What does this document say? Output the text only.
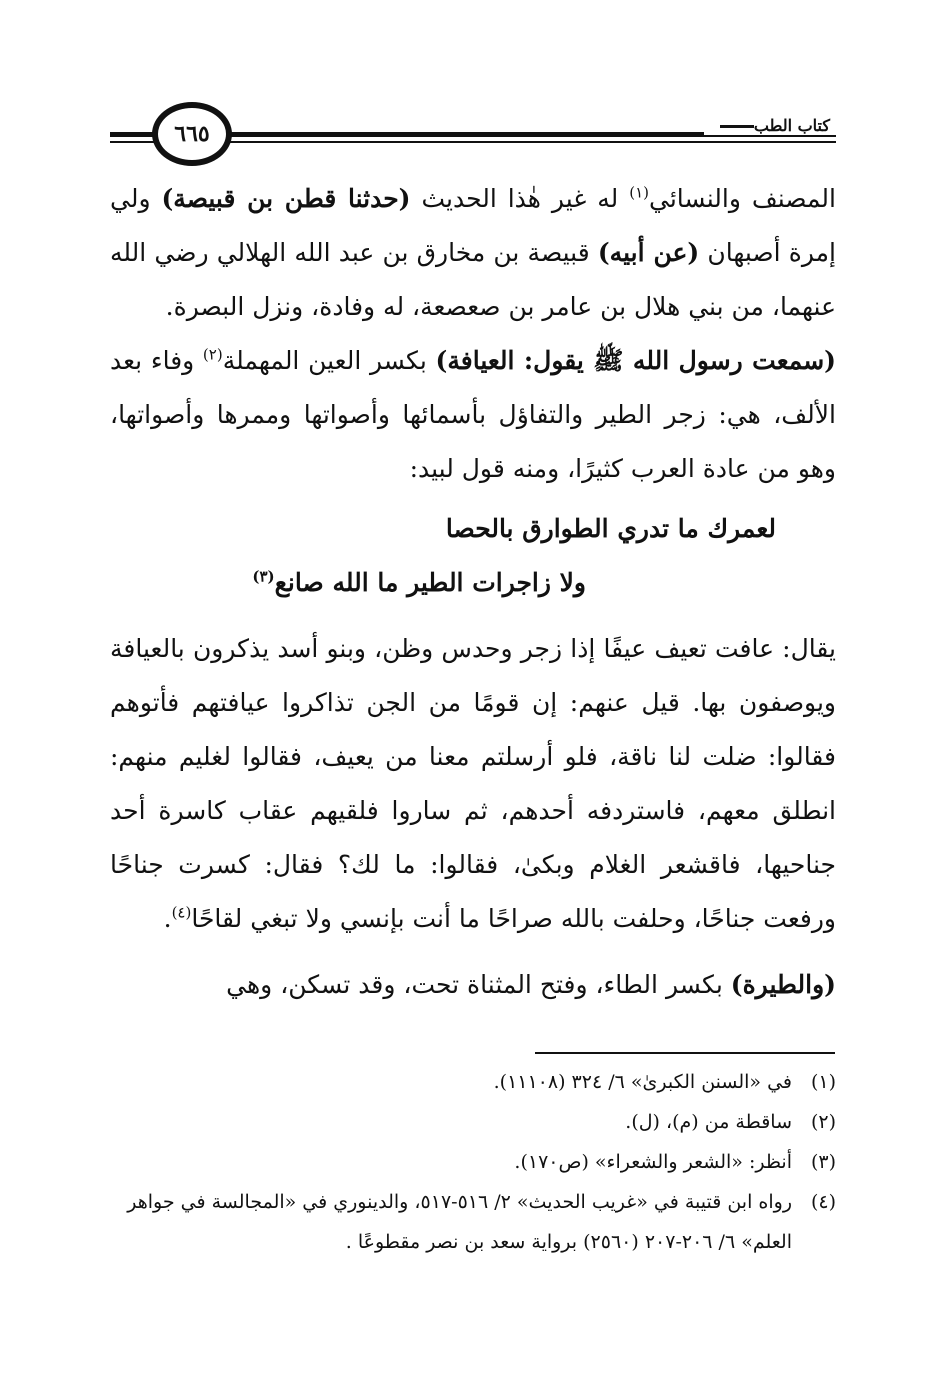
كتاب الطب
٦٦٥

المصنف والنسائي$^{(١)}$ له غير هٰذا الحديث (حدثنا قطن بن قبيصة) ولي إمرة أصبهان (عن أبيه) قبيصة بن مخارق بن عبد الله الهلالي رضي الله عنهما، من بني هلال بن عامر بن صعصعة، له وفادة، ونزل البصرة.

(سمعت رسول الله ﷺ يقول: العيافة) بكسر العين المهملة$^{(٢)}$ وفاء بعد الألف، هي: زجر الطير والتفاؤل بأسمائها وأصواتها وممرها وأصواتها، وهو من عادة العرب كثيرًا، ومنه قول لبيد:

لعمرك ما تدري الطوارق بالحصا
ولا زاجرات الطير ما الله صانع$^{(٣)}$

يقال: عافت تعيف عيفًا إذا زجر وحدس وظن، وبنو أسد يذكرون بالعيافة ويوصفون بها. قيل عنهم: إن قومًا من الجن تذاكروا عيافتهم فأتوهم فقالوا: ضلت لنا ناقة، فلو أرسلتم معنا من يعيف، فقالوا لغليم منهم: انطلق معهم، فاستردفه أحدهم، ثم ساروا فلقيهم عقاب كاسرة أحد جناحيها، فاقشعر الغلام وبكىٰ، فقالوا: ما لك؟ فقال: كسرت جناحًا ورفعت جناحًا، وحلفت بالله صراحًا ما أنت بإنسي ولا تبغي لقاحًا$^{(٤)}$.

(والطيرة) بكسر الطاء، وفتح المثناة تحت، وقد تسكن، وهي

(١)
في «السنن الكبرىٰ» ٦/ ٣٢٤ (١١١٠٨).
(٢)
ساقطة من (م)، (ل).
(٣)
أنظر: «الشعر والشعراء» (ص١٧٠).
(٤)
رواه ابن قتيبة في «غريب الحديث» ٢/ ٥١٦-٥١٧، والدينوري في «المجالسة في جواهر العلم» ٦/ ٢٠٦-٢٠٧ (٢٥٦٠) برواية سعد بن نصر مقطوعًا .
